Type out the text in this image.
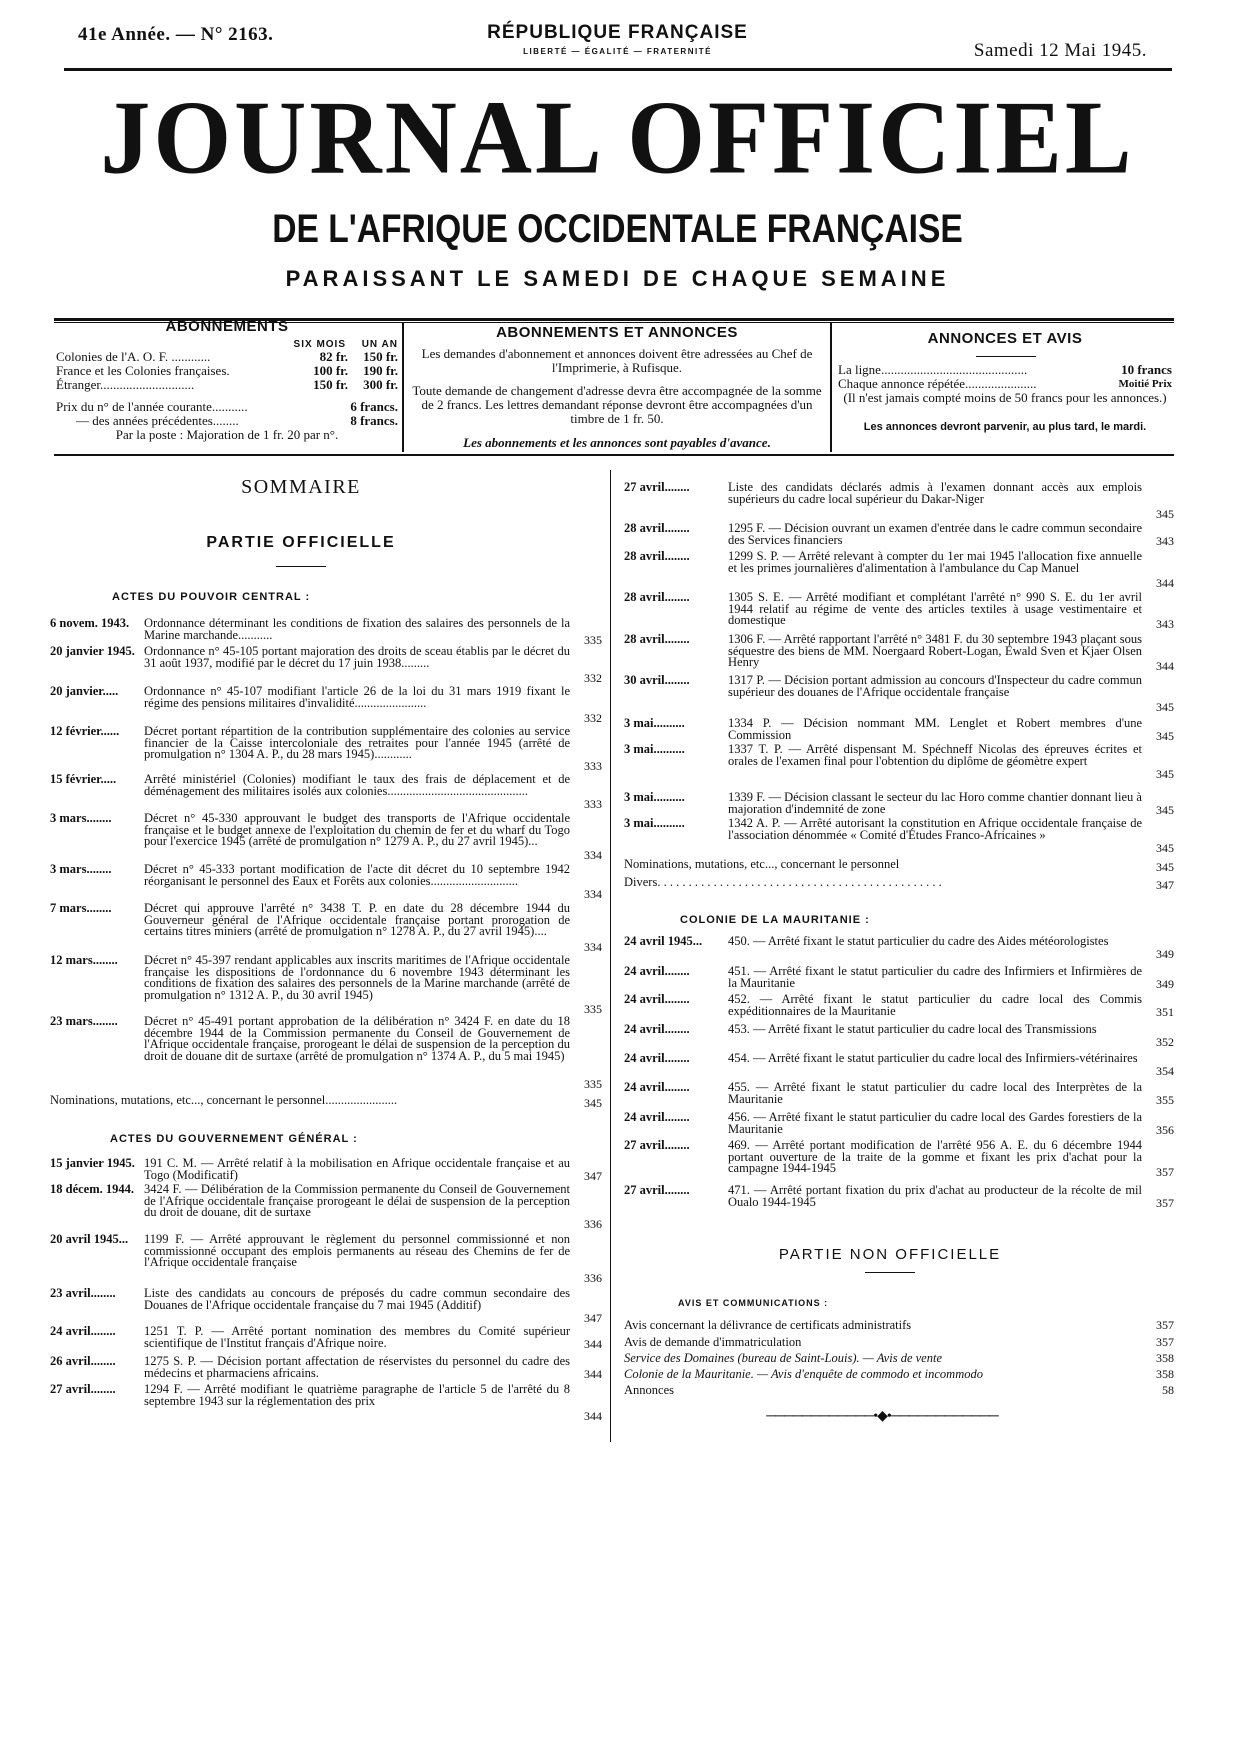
41e Année. — N° 2163.	RÉPUBLIQUE FRANÇAISE
LIBERTÉ — ÉGALITÉ — FRATERNITÉ	Samedi 12 Mai 1945.
JOURNAL OFFICIEL
DE L'AFRIQUE OCCIDENTALE FRANÇAISE
PARAISSANT LE SAMEDI DE CHAQUE SEMAINE
ABONNEMENTS
SIX MOIS	UN AN
Colonies de l'A. O. F. ............	82 fr.	150 fr.
France et les Colonies françaises.	100 fr.	190 fr.
Étranger.............................	150 fr.	300 fr.
Prix du n° de l'année courante...........	6 francs.
— des années précédentes........	8 francs.
Par la poste : Majoration de 1 fr. 20 par n°.
ABONNEMENTS ET ANNONCES
Les demandes d'abonnement et annonces doivent être adressées au Chef de l'Imprimerie, à Rufisque.
Toute demande de changement d'adresse devra être accompagnée de la somme de 2 francs. Les lettres demandant réponse devront être accompagnées d'un timbre de 1 fr. 50.
Les abonnements et les annonces sont payables d'avance.
ANNONCES ET AVIS
La ligne.............................................	10 francs
Chaque annonce répétée......................	Moitié Prix
(Il n'est jamais compté moins de 50 francs pour les annonces.)
Les annonces devront parvenir, au plus tard, le mardi.
SOMMAIRE
PARTIE OFFICIELLE
ACTES DU POUVOIR CENTRAL :
ACTES DU GOUVERNEMENT GÉNÉRAL :
COLONIE DE LA MAURITANIE :
PARTIE NON OFFICIELLE
AVIS ET COMMUNICATIONS :
────────────•◆•────────────
6 novem. 1943.	Ordonnance déterminant les conditions de fixation des salaires des personnels de la Marine marchande...........	335
20 janvier 1945. Ordonnance n° 45-105 portant majoration des droits de sceau établis par le décret du 31 août 1937, modifié par le décret du 17 juin 1938.........
332
20 janvier.....	Ordonnance n° 45-107 modifiant l'article 26 de la loi du 31 mars 1919 fixant le régime des pensions militaires d'invalidité.......................
332
12 février......	Décret portant répartition de la contribution supplémentaire des colonies au service financier de la Caisse intercoloniale des retraites pour l'année 1945 (arrêté de promulgation n° 1304 A. P., du 28 mars 1945)............
333
15 février.....	Arrêté ministériel (Colonies) modifiant le taux des frais de déplacement et de déménagement des militaires isolés aux colonies.............................................
333
3 mars........	Décret n° 45-330 approuvant le budget des transports de l'Afrique occidentale française et le budget annexe de l'exploitation du chemin de fer et du wharf du Togo pour l'exercice 1945 (arrêté de promulgation n° 1279 A. P., du 27 avril 1945)...
334
3 mars........	Décret n° 45-333 portant modification de l'acte dit décret du 10 septembre 1942 réorganisant le personnel des Eaux et Forêts aux colonies............................
334
7 mars........	Décret qui approuve l'arrêté n° 3438 T. P. en date du 28 décembre 1944 du Gouverneur général de l'Afrique occidentale française portant prorogation de certains titres miniers (arrêté de promulgation n° 1278 A. P., du 27 avril 1945)....
334
12 mars........	Décret n° 45-397 rendant applicables aux inscrits maritimes de l'Afrique occidentale française les dispositions de l'ordonnance du 6 novembre 1943 déterminant les conditions de fixation des salaires des personnels de la Marine marchande (arrêté de promulgation n° 1312 A. P., du 30 avril 1945)
335
23 mars........	Décret n° 45-491 portant approbation de la délibération n° 3424 F. en date du 18 décembre 1944 de la Commission permanente du Conseil de Gouvernement de l'Afrique occidentale française, prorogeant le délai de suspension de la perception du droit de douane dit de surtaxe (arrêté de promulgation n° 1374 A. P., du 5 mai 1945)
335
Nominations, mutations, etc..., concernant le personnel.......................	345
15 janvier 1945. 191 C. M. — Arrêté relatif à la mobilisation en Afrique occidentale française et au Togo (Modificatif)	347
18 décem. 1944. 3424 F. — Délibération de la Commission permanente du Conseil de Gouvernement de l'Afrique occidentale française prorogeant le délai de suspension de la perception du droit de douane, dit de surtaxe
336
20 avril 1945...	1199 F. — Arrêté approuvant le règlement du personnel commissionné et non commissionné occupant des emplois permanents au réseau des Chemins de fer de l'Afrique occidentale française
336
23 avril........	Liste des candidats au concours de préposés du cadre commun secondaire des Douanes de l'Afrique occidentale française du 7 mai 1945 (Additif)
347
24 avril........	1251 T. P. — Arrêté portant nomination des membres du Comité supérieur scientifique de l'Institut français d'Afrique noire.	344
26 avril........	1275 S. P. — Décision portant affectation de réservistes du personnel du cadre des médecins et pharmaciens africains.	344
27 avril........	1294 F. — Arrêté modifiant le quatrième paragraphe de l'article 5 de l'arrêté du 8 septembre 1943 sur la réglementation des prix
344
27 avril........	Liste des candidats déclarés admis à l'examen donnant accès aux emplois supérieurs du cadre local supérieur du Dakar-Niger
345
28 avril........	1295 F. — Décision ouvrant un examen d'entrée dans le cadre commun secondaire des Services financiers	343
28 avril........	1299 S. P. — Arrêté relevant à compter du 1er mai 1945 l'allocation fixe annuelle et les primes journalières d'alimentation à l'ambulance du Cap Manuel
344
28 avril........	1305 S. E. — Arrêté modifiant et complétant l'arrêté n° 990 S. E. du 1er avril 1944 relatif au régime de vente des articles textiles à usage vestimentaire et domestique	343
28 avril........	1306 F. — Arrêté rapportant l'arrêté n° 3481 F. du 30 septembre 1943 plaçant sous séquestre des biens de MM. Noergaard Robert-Logan, Ewald Sven et Kjaer Olsen Henry	344
30 avril........	1317 P. — Décision portant admission au concours d'Inspecteur du cadre commun supérieur des douanes de l'Afrique occidentale française
345
3 mai..........	1334 P. — Décision nommant MM. Lenglet et Robert membres d'une Commission	345
3 mai..........	1337 T. P. — Arrêté dispensant M. Spéchneff Nicolas des épreuves écrites et orales de l'examen final pour l'obtention du diplôme de géomètre expert
345
3 mai..........	1339 F. — Décision classant le secteur du lac Horo comme chantier donnant lieu à majoration d'indemnité de zone	345
3 mai..........	1342 A. P. — Arrêté autorisant la constitution en Afrique occidentale française de l'association dénommée « Comité d'Études Franco-Africaines »
345
Nominations, mutations, etc..., concernant le personnel	345
Divers. . . . . . . . . . . . . . . . . . . . . . . . . . . . . . . . . . . . . . . . . . . . . .	347
24 avril 1945...	450. — Arrêté fixant le statut particulier du cadre des Aides météorologistes
349
24 avril........	451. — Arrêté fixant le statut particulier du cadre des Infirmiers et Infirmières de la Mauritanie	349
24 avril........	452. — Arrêté fixant le statut particulier du cadre local des Commis expéditionnaires de la Mauritanie	351
24 avril........	453. — Arrêté fixant le statut particulier du cadre local des Transmissions
352
24 avril........	454. — Arrêté fixant le statut particulier du cadre local des Infirmiers-vétérinaires
354
24 avril........	455. — Arrêté fixant le statut particulier du cadre local des Interprètes de la Mauritanie	355
24 avril........	456. — Arrêté fixant le statut particulier du cadre local des Gardes forestiers de la Mauritanie	356
27 avril........	469. — Arrêté portant modification de l'arrêté 956 A. E. du 6 décembre 1944 portant ouverture de la traite de la gomme et fixant les prix d'achat pour la campagne 1944-1945	357
27 avril........	471. — Arrêté portant fixation du prix d'achat au producteur de la récolte de mil Oualo 1944-1945	357
Avis concernant la délivrance de certificats administratifs	357
Avis de demande d'immatriculation	357
Service des Domaines (bureau de Saint-Louis). — Avis de vente	358
Colonie de la Mauritanie. — Avis d'enquête de commodo et incommodo	358
Annonces	58
